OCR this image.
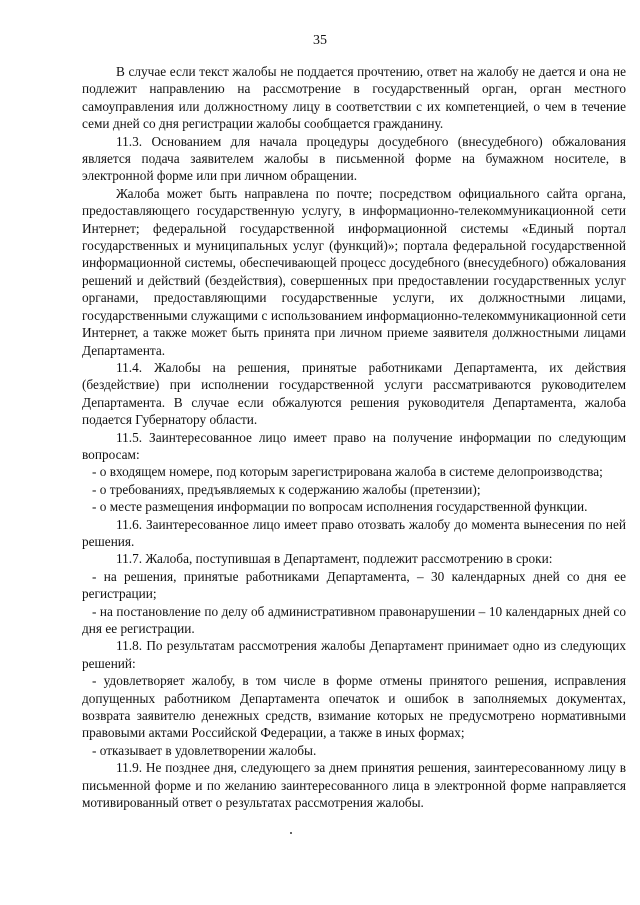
35

В случае если текст жалобы не поддается прочтению, ответ на жалобу не дается и она не подлежит направлению на рассмотрение в государственный орган, орган местного самоуправления или должностному лицу в соответствии с их компетенцией, о чем в течение семи дней со дня регистрации жалобы сообщается гражданину.

11.3. Основанием для начала процедуры досудебного (внесудебного) обжалования является подача заявителем жалобы в письменной форме на бумажном носителе, в электронной форме или при личном обращении.

Жалоба может быть направлена по почте; посредством официального сайта органа, предоставляющего государственную услугу, в информационно-телекоммуникационной сети Интернет; федеральной государственной информационной системы «Единый портал государственных и муниципальных услуг (функций)»; портала федеральной государственной информационной системы, обеспечивающей процесс досудебного (внесудебного) обжалования решений и действий (бездействия), совершенных при предоставлении государственных услуг органами, предоставляющими государственные услуги, их должностными лицами, государственными служащими с использованием информационно-телекоммуникационной сети Интернет, а также может быть принята при личном приеме заявителя должностными лицами Департамента.

11.4. Жалобы на решения, принятые работниками Департамента, их действия (бездействие) при исполнении государственной услуги рассматриваются руководителем Департамента. В случае если обжалуются решения руководителя Департамента, жалоба подается Губернатору области.

11.5. Заинтересованное лицо имеет право на получение информации по следующим вопросам:

- о входящем номере, под которым зарегистрирована жалоба в системе делопроизводства;

- о требованиях, предъявляемых к содержанию жалобы (претензии);

- о месте размещения информации по вопросам исполнения государственной функции.

11.6. Заинтересованное лицо имеет право отозвать жалобу до момента вынесения по ней решения.

11.7. Жалоба, поступившая в Департамент, подлежит рассмотрению в сроки:

- на решения, принятые работниками Департамента, – 30 календарных дней со дня ее регистрации;

- на постановление по делу об административном правонарушении – 10 календарных дней со дня ее регистрации.

11.8. По результатам рассмотрения жалобы Департамент принимает одно из следующих решений:

- удовлетворяет жалобу, в том числе в форме отмены принятого решения, исправления допущенных работником Департамента опечаток и ошибок в заполняемых документах, возврата заявителю денежных средств, взимание которых не предусмотрено нормативными правовыми актами Российской Федерации, а также в иных формах;

- отказывает в удовлетворении жалобы.

11.9. Не позднее дня, следующего за днем принятия решения, заинтересованному лицу в письменной форме и по желанию заинтересованного лица в электронной форме направляется мотивированный ответ о результатах рассмотрения жалобы.
